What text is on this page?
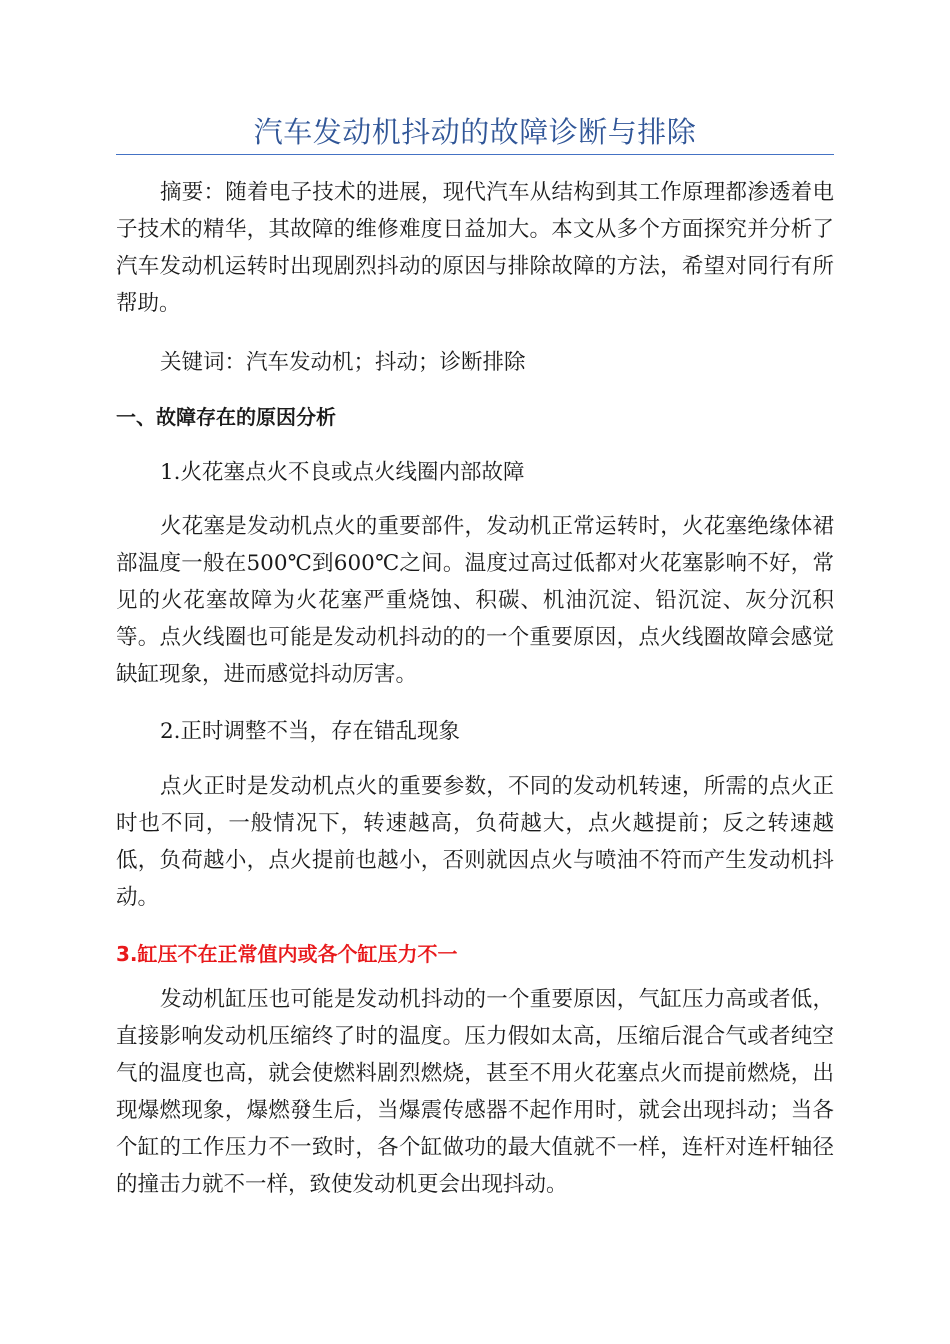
汽车发动机抖动的故障诊断与排除

摘要：随着电子技术的进展，现代汽车从结构到其工作原理都渗透着电子技术的精华，其故障的维修难度日益加大。本文从多个方面探究并分析了汽车发动机运转时出现剧烈抖动的原因与排除故障的方法，希望对同行有所帮助。

关键词：汽车发动机；抖动；诊断排除

一、故障存在的原因分析

1.火花塞点火不良或点火线圈内部故障

火花塞是发动机点火的重要部件，发动机正常运转时，火花塞绝缘体裙部温度一般在500℃到600℃之间。温度过高过低都对火花塞影响不好，常见的火花塞故障为火花塞严重烧蚀、积碳、机油沉淀、铅沉淀、灰分沉积等。点火线圈也可能是发动机抖动的的一个重要原因，点火线圈故障会感觉缺缸现象，进而感觉抖动厉害。

2.正时调整不当，存在错乱现象

点火正时是发动机点火的重要参数，不同的发动机转速，所需的点火正时也不同，一般情况下，转速越高，负荷越大，点火越提前；反之转速越低，负荷越小，点火提前也越小，否则就因点火与喷油不符而产生发动机抖动。

3.缸压不在正常值内或各个缸压力不一

发动机缸压也可能是发动机抖动的一个重要原因，气缸压力高或者低，直接影响发动机压缩终了时的温度。压力假如太高，压缩后混合气或者纯空气的温度也高，就会使燃料剧烈燃烧，甚至不用火花塞点火而提前燃烧，出现爆燃现象，爆燃發生后，当爆震传感器不起作用时，就会出现抖动；当各个缸的工作压力不一致时，各个缸做功的最大值就不一样，连杆对连杆轴径的撞击力就不一样，致使发动机更会出现抖动。
